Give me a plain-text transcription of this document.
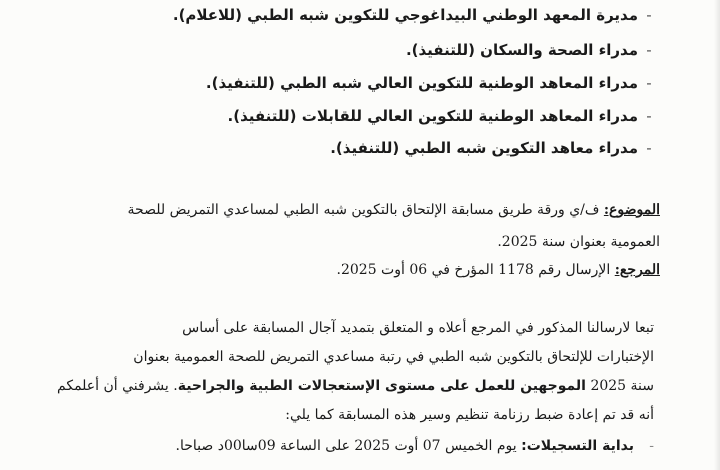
-مديرة المعهد الوطني البيداغوجي للتكوين شبه الطبي (للاعلام).
-مدراء الصحة والسكان (للتنفيذ).
-مدراء المعاهد الوطنية للتكوين العالي شبه الطبي (للتنفيذ).
-مدراء المعاهد الوطنية للتكوين العالي للقابلات (للتنفيذ).
-مدراء معاهد التكوين شبه الطبي (للتنفيذ).
الموضوع: ف/ي ورقة طريق مسابقة الإلتحاق بالتكوين شبه الطبي لمساعدي التمريض للصحة
العمومية بعنوان سنة 2025.
المرجع: الإرسال رقم 1178 المؤرخ في 06 أوت 2025.
تبعا لارسالنا المذكور في المرجع أعلاه و المتعلق بتمديد آجال المسابقة على أساس
الإختبارات للإلتحاق بالتكوين شبه الطبي في رتبة مساعدي التمريض للصحة العمومية بعنوان
سنة 2025 الموجهين للعمل على مستوى الإستعجالات الطبية والجراحية. يشرفني أن أعلمكم
أنه قد تم إعادة ضبط رزنامة تنظيم وسير هذه المسابقة كما يلي:
-بداية التسجيلات: يوم الخميس 07 أوت 2025 على الساعة 09سا00د صباحا.
